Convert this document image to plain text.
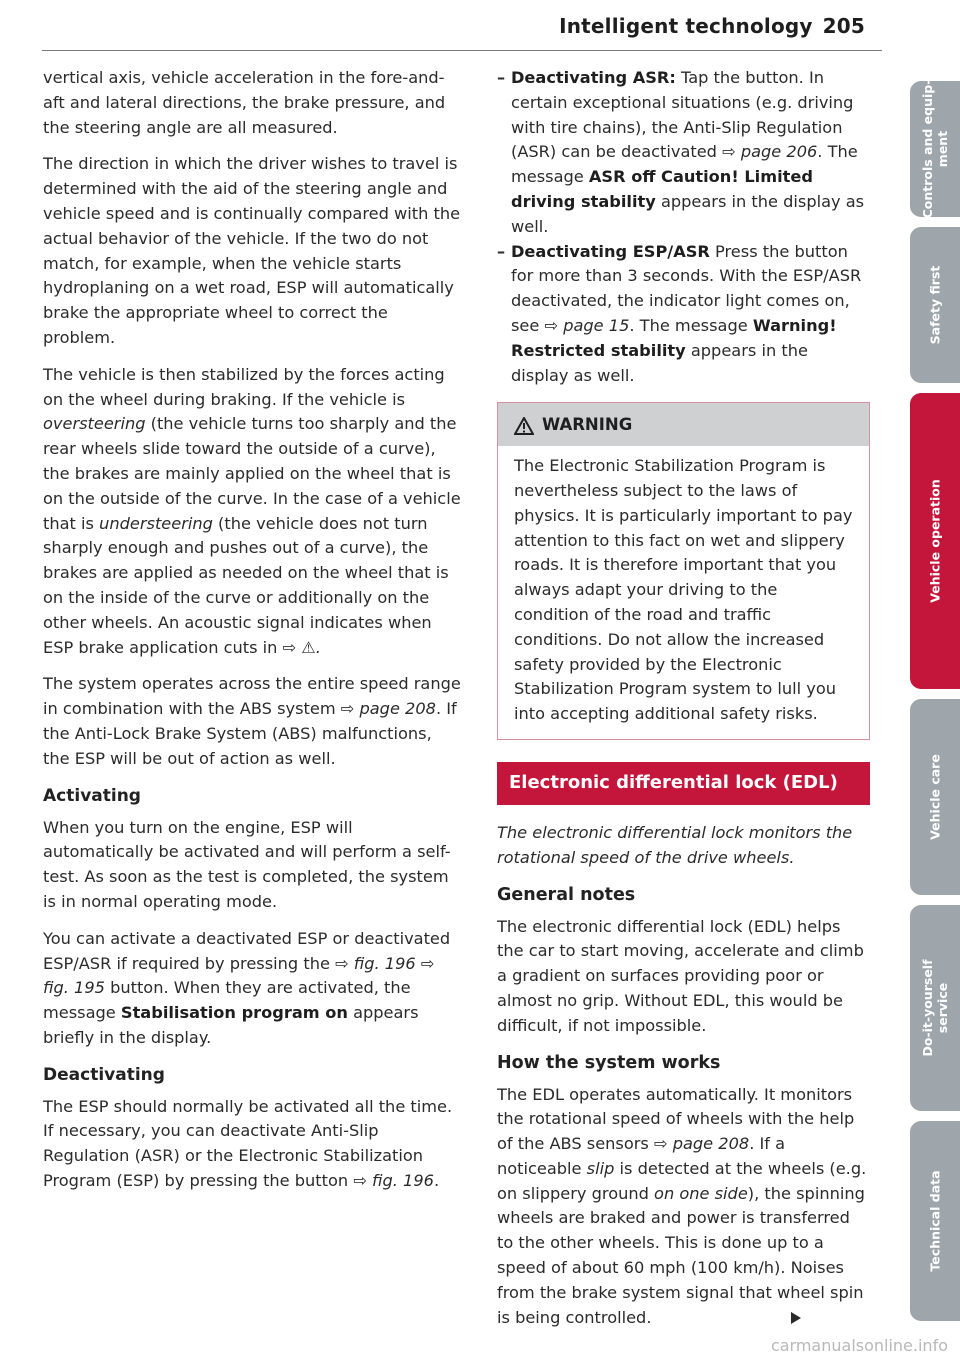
Intelligent technology 205

vertical axis, vehicle acceleration in the fore-and-aft and lateral directions, the brake pressure, and the steering angle are all measured.

The direction in which the driver wishes to travel is determined with the aid of the steering angle and vehicle speed and is continually compared with the actual behavior of the vehicle. If the two do not match, for example, when the vehicle starts hydroplaning on a wet road, ESP will automatically brake the appropriate wheel to correct the problem.

The vehicle is then stabilized by the forces acting on the wheel during braking. If the vehicle is oversteering (the vehicle turns too sharply and the rear wheels slide toward the outside of a curve), the brakes are mainly applied on the wheel that is on the outside of the curve. In the case of a vehicle that is understeering (the vehicle does not turn sharply enough and pushes out of a curve), the brakes are applied as needed on the wheel that is on the inside of the curve or additionally on the other wheels. An acoustic signal indicates when ESP brake application cuts in ⇨ ⚠.

The system operates across the entire speed range in combination with the ABS system ⇨ page 208. If the Anti-Lock Brake System (ABS) malfunctions, the ESP will be out of action as well.

Activating

When you turn on the engine, ESP will automatically be activated and will perform a self-test. As soon as the test is completed, the system is in normal operating mode.

You can activate a deactivated ESP or deactivated ESP/ASR if required by pressing the ⇨ fig. 196 ⇨ fig. 195 button. When they are activated, the message Stabilisation program on appears briefly in the display.

Deactivating

The ESP should normally be activated all the time. If necessary, you can deactivate Anti-Slip Regulation (ASR) or the Electronic Stabilization Program (ESP) by pressing the button ⇨ fig. 196.

– Deactivating ASR: Tap the button. In certain exceptional situations (e.g. driving with tire chains), the Anti-Slip Regulation (ASR) can be deactivated ⇨ page 206. The message ASR off Caution! Limited driving stability appears in the display as well.
– Deactivating ESP/ASR Press the button for more than 3 seconds. With the ESP/ASR deactivated, the indicator light comes on, see ⇨ page 15. The message Warning! Restricted stability appears in the display as well.
WARNING
The Electronic Stabilization Program is nevertheless subject to the laws of physics. It is particularly important to pay attention to this fact on wet and slippery roads. It is therefore important that you always adapt your driving to the condition of the road and traffic conditions. Do not allow the increased safety provided by the Electronic Stabilization Program system to lull you into accepting additional safety risks.
Electronic differential lock (EDL)

The electronic differential lock monitors the rotational speed of the drive wheels.

General notes

The electronic differential lock (EDL) helps the car to start moving, accelerate and climb a gradient on surfaces providing poor or almost no grip. Without EDL, this would be difficult, if not impossible.

How the system works

The EDL operates automatically. It monitors the rotational speed of wheels with the help of the ABS sensors ⇨ page 208. If a noticeable slip is detected at the wheels (e.g. on slippery ground on one side), the spinning wheels are braked and power is transferred to the other wheels. This is done up to a speed of about 60 mph (100 km/h). Noises from the brake system signal that wheel spin is being controlled.

Controls and equip-
ment
Safety first
Vehicle operation
Vehicle care
Do-it-yourself
service
Technical data
carmanualsonline.info
